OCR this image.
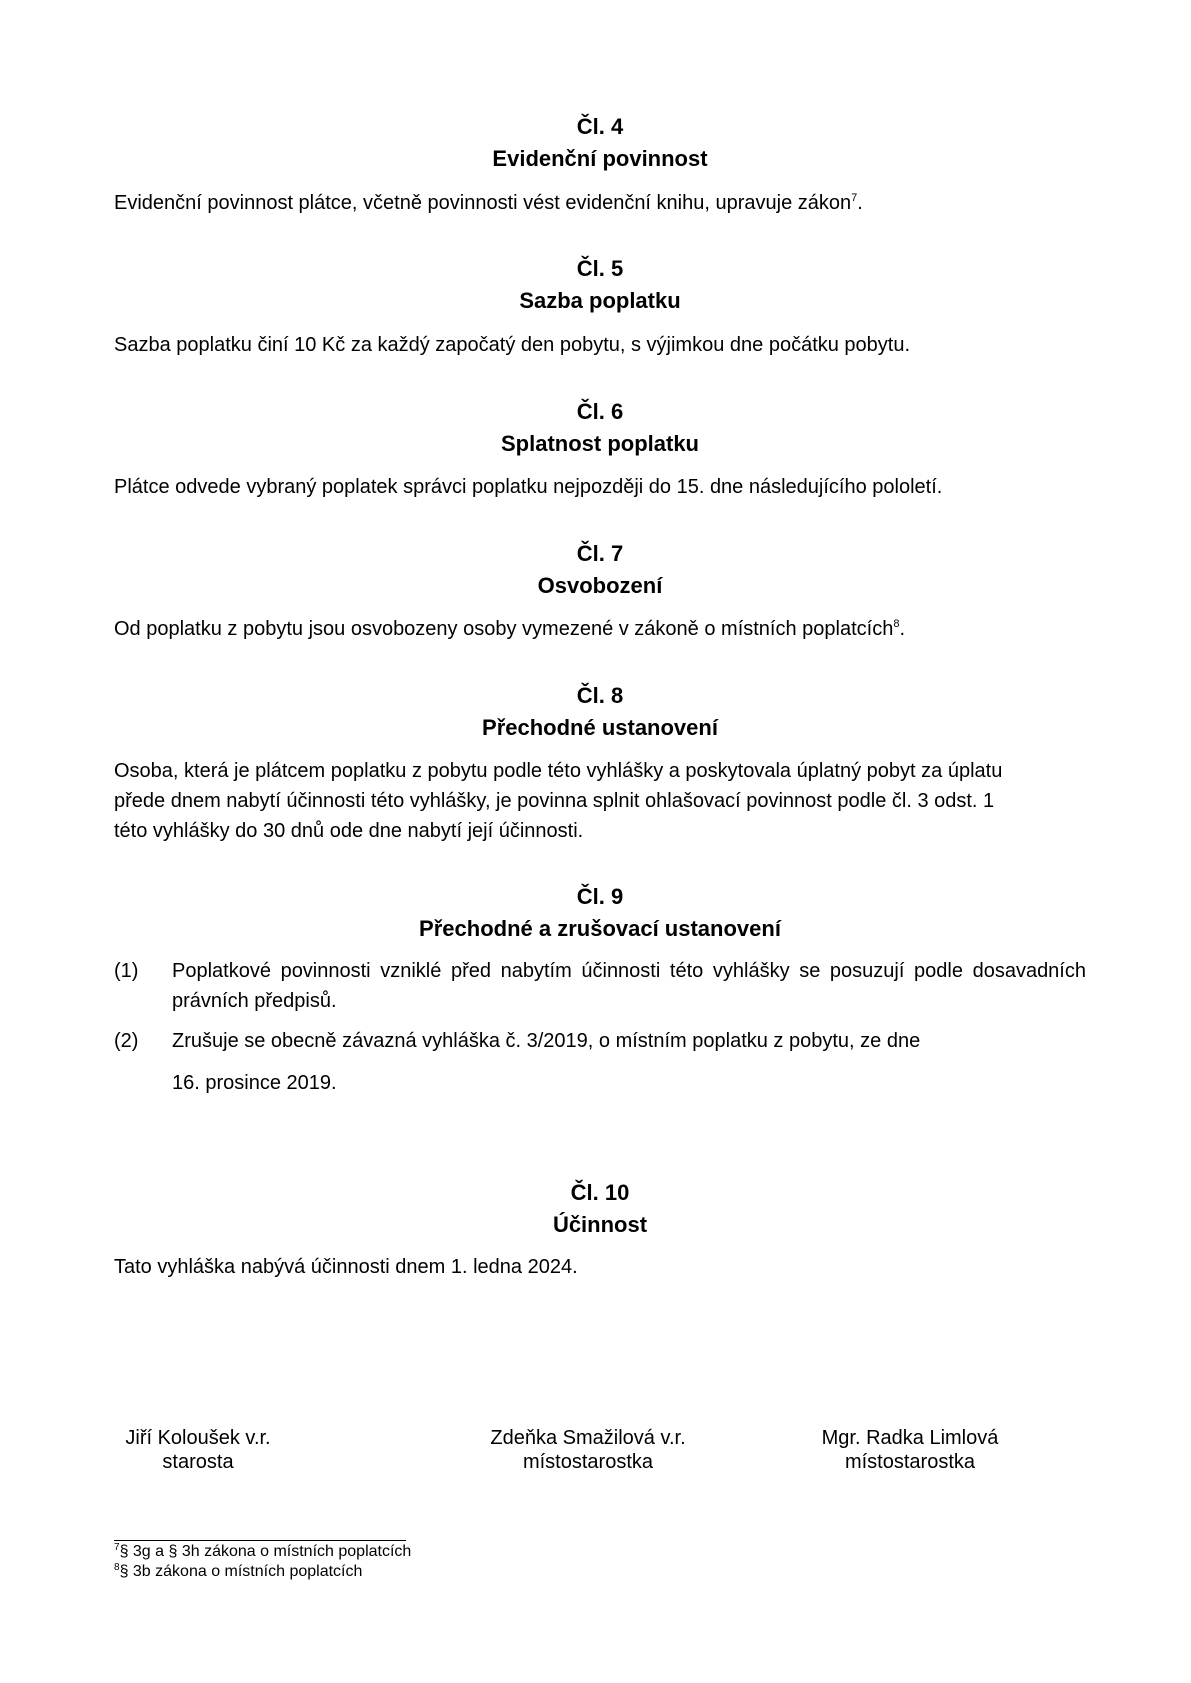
Čl. 4
Evidenční povinnost
Evidenční povinnost plátce, včetně povinnosti vést evidenční knihu, upravuje zákon$^7$.
Čl. 5
Sazba poplatku
Sazba poplatku činí 10 Kč za každý započatý den pobytu, s výjimkou dne počátku pobytu.
Čl. 6
Splatnost poplatku
Plátce odvede vybraný poplatek správci poplatku nejpozději do 15. dne následujícího pololetí.
Čl. 7
Osvobození
Od poplatku z pobytu jsou osvobozeny osoby vymezené v zákoně o místních poplatcích$^8$.
Čl. 8
Přechodné ustanovení
Osoba, která je plátcem poplatku z pobytu podle této vyhlášky a poskytovala úplatný pobyt za úplatu
přede dnem nabytí účinnosti této vyhlášky, je povinna splnit ohlašovací povinnost podle čl. 3 odst. 1
této vyhlášky do 30 dnů ode dne nabytí její účinnosti.
Čl. 9
Přechodné a zrušovací ustanovení
(1) Poplatkové povinnosti vzniklé před nabytím účinnosti této vyhlášky se posuzují podle dosavadních právních předpisů.
(2) Zrušuje se obecně závazná vyhláška č. 3/2019, o místním poplatku z pobytu, ze dne
16. prosince 2019.
Čl. 10
Účinnost
Tato vyhláška nabývá účinnosti dnem 1. ledna 2024.
Jiří Koloušek v.r.
starosta
Zdeňka Smažilová v.r.
místostarostka
Mgr. Radka Limlová
místostarostka
$^7$§ 3g a § 3h zákona o místních poplatcích
$^8$§ 3b zákona o místních poplatcích
